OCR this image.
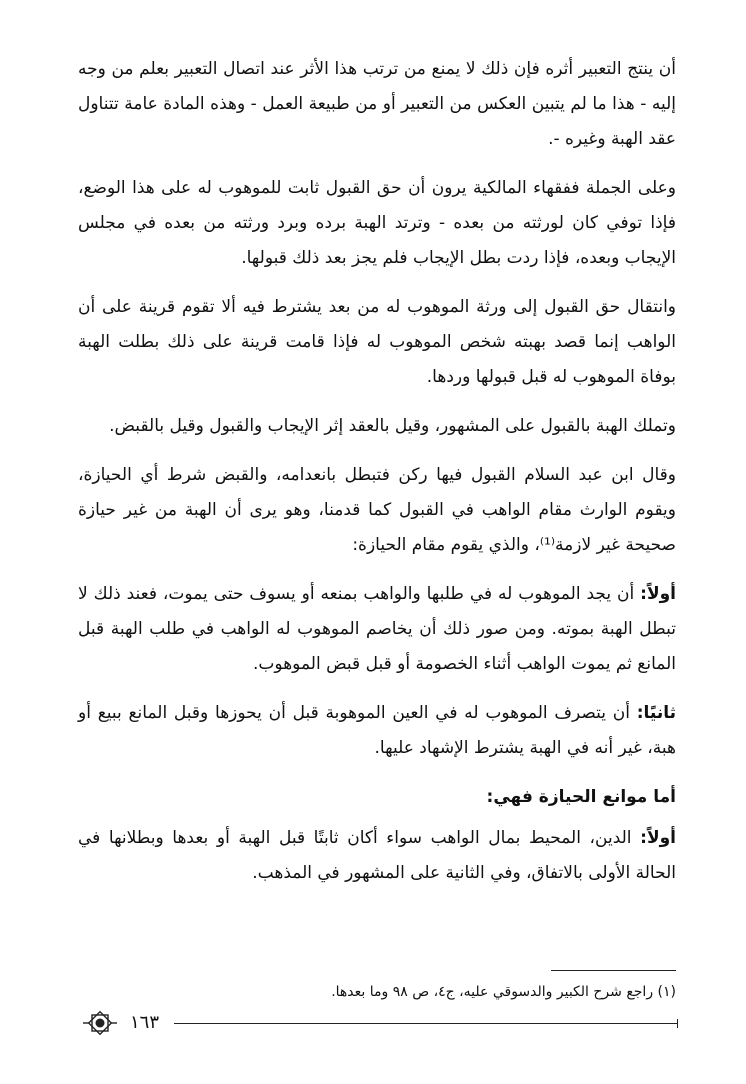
أن ينتج التعبير أثره فإن ذلك لا يمنع من ترتب هذا الأثر عند اتصال التعبير بعلم من وجه إليه - هذا ما لم يتبين العكس من التعبير أو من طبيعة العمل - وهذه المادة عامة تتناول عقد الهبة وغيره -.

وعلى الجملة ففقهاء المالكية يرون أن حق القبول ثابت للموهوب له على هذا الوضع، فإذا توفي كان لورثته من بعده - وترتد الهبة برده وبرد ورثته من بعده في مجلس الإيجاب وبعده، فإذا ردت بطل الإيجاب فلم يجز بعد ذلك قبولها.

وانتقال حق القبول إلى ورثة الموهوب له من بعد يشترط فيه ألا تقوم قرينة على أن الواهب إنما قصد بهبته شخص الموهوب له فإذا قامت قرينة على ذلك بطلت الهبة بوفاة الموهوب له قبل قبولها وردها.

وتملك الهبة بالقبول على المشهور، وقيل بالعقد إثر الإيجاب والقبول وقيل بالقبض.

وقال ابن عبد السلام القبول فيها ركن فتبطل بانعدامه، والقبض شرط أي الحيازة، ويقوم الوارث مقام الواهب في القبول كما قدمنا، وهو يرى أن الهبة من غير حيازة صحيحة غير لازمة⁽¹⁾، والذي يقوم مقام الحيازة:

أولاً: أن يجد الموهوب له في طلبها والواهب بمنعه أو يسوف حتى يموت، فعند ذلك لا تبطل الهبة بموته. ومن صور ذلك أن يخاصم الموهوب له الواهب في طلب الهبة قبل المانع ثم يموت الواهب أثناء الخصومة أو قبل قبض الموهوب.

ثانيًا: أن يتصرف الموهوب له في العين الموهوبة قبل أن يحوزها وقبل المانع ببيع أو هبة، غير أنه في الهبة يشترط الإشهاد عليها.

أما موانع الحيازة فهي:

أولاً: الدين، المحيط بمال الواهب سواء أكان ثابتًا قبل الهبة أو بعدها وبطلانها في الحالة الأولى بالاتفاق، وفي الثانية على المشهور في المذهب.

(١) راجع شرح الكبير والدسوقي عليه، ج٤، ص ٩٨ وما بعدها.
١٦٣
